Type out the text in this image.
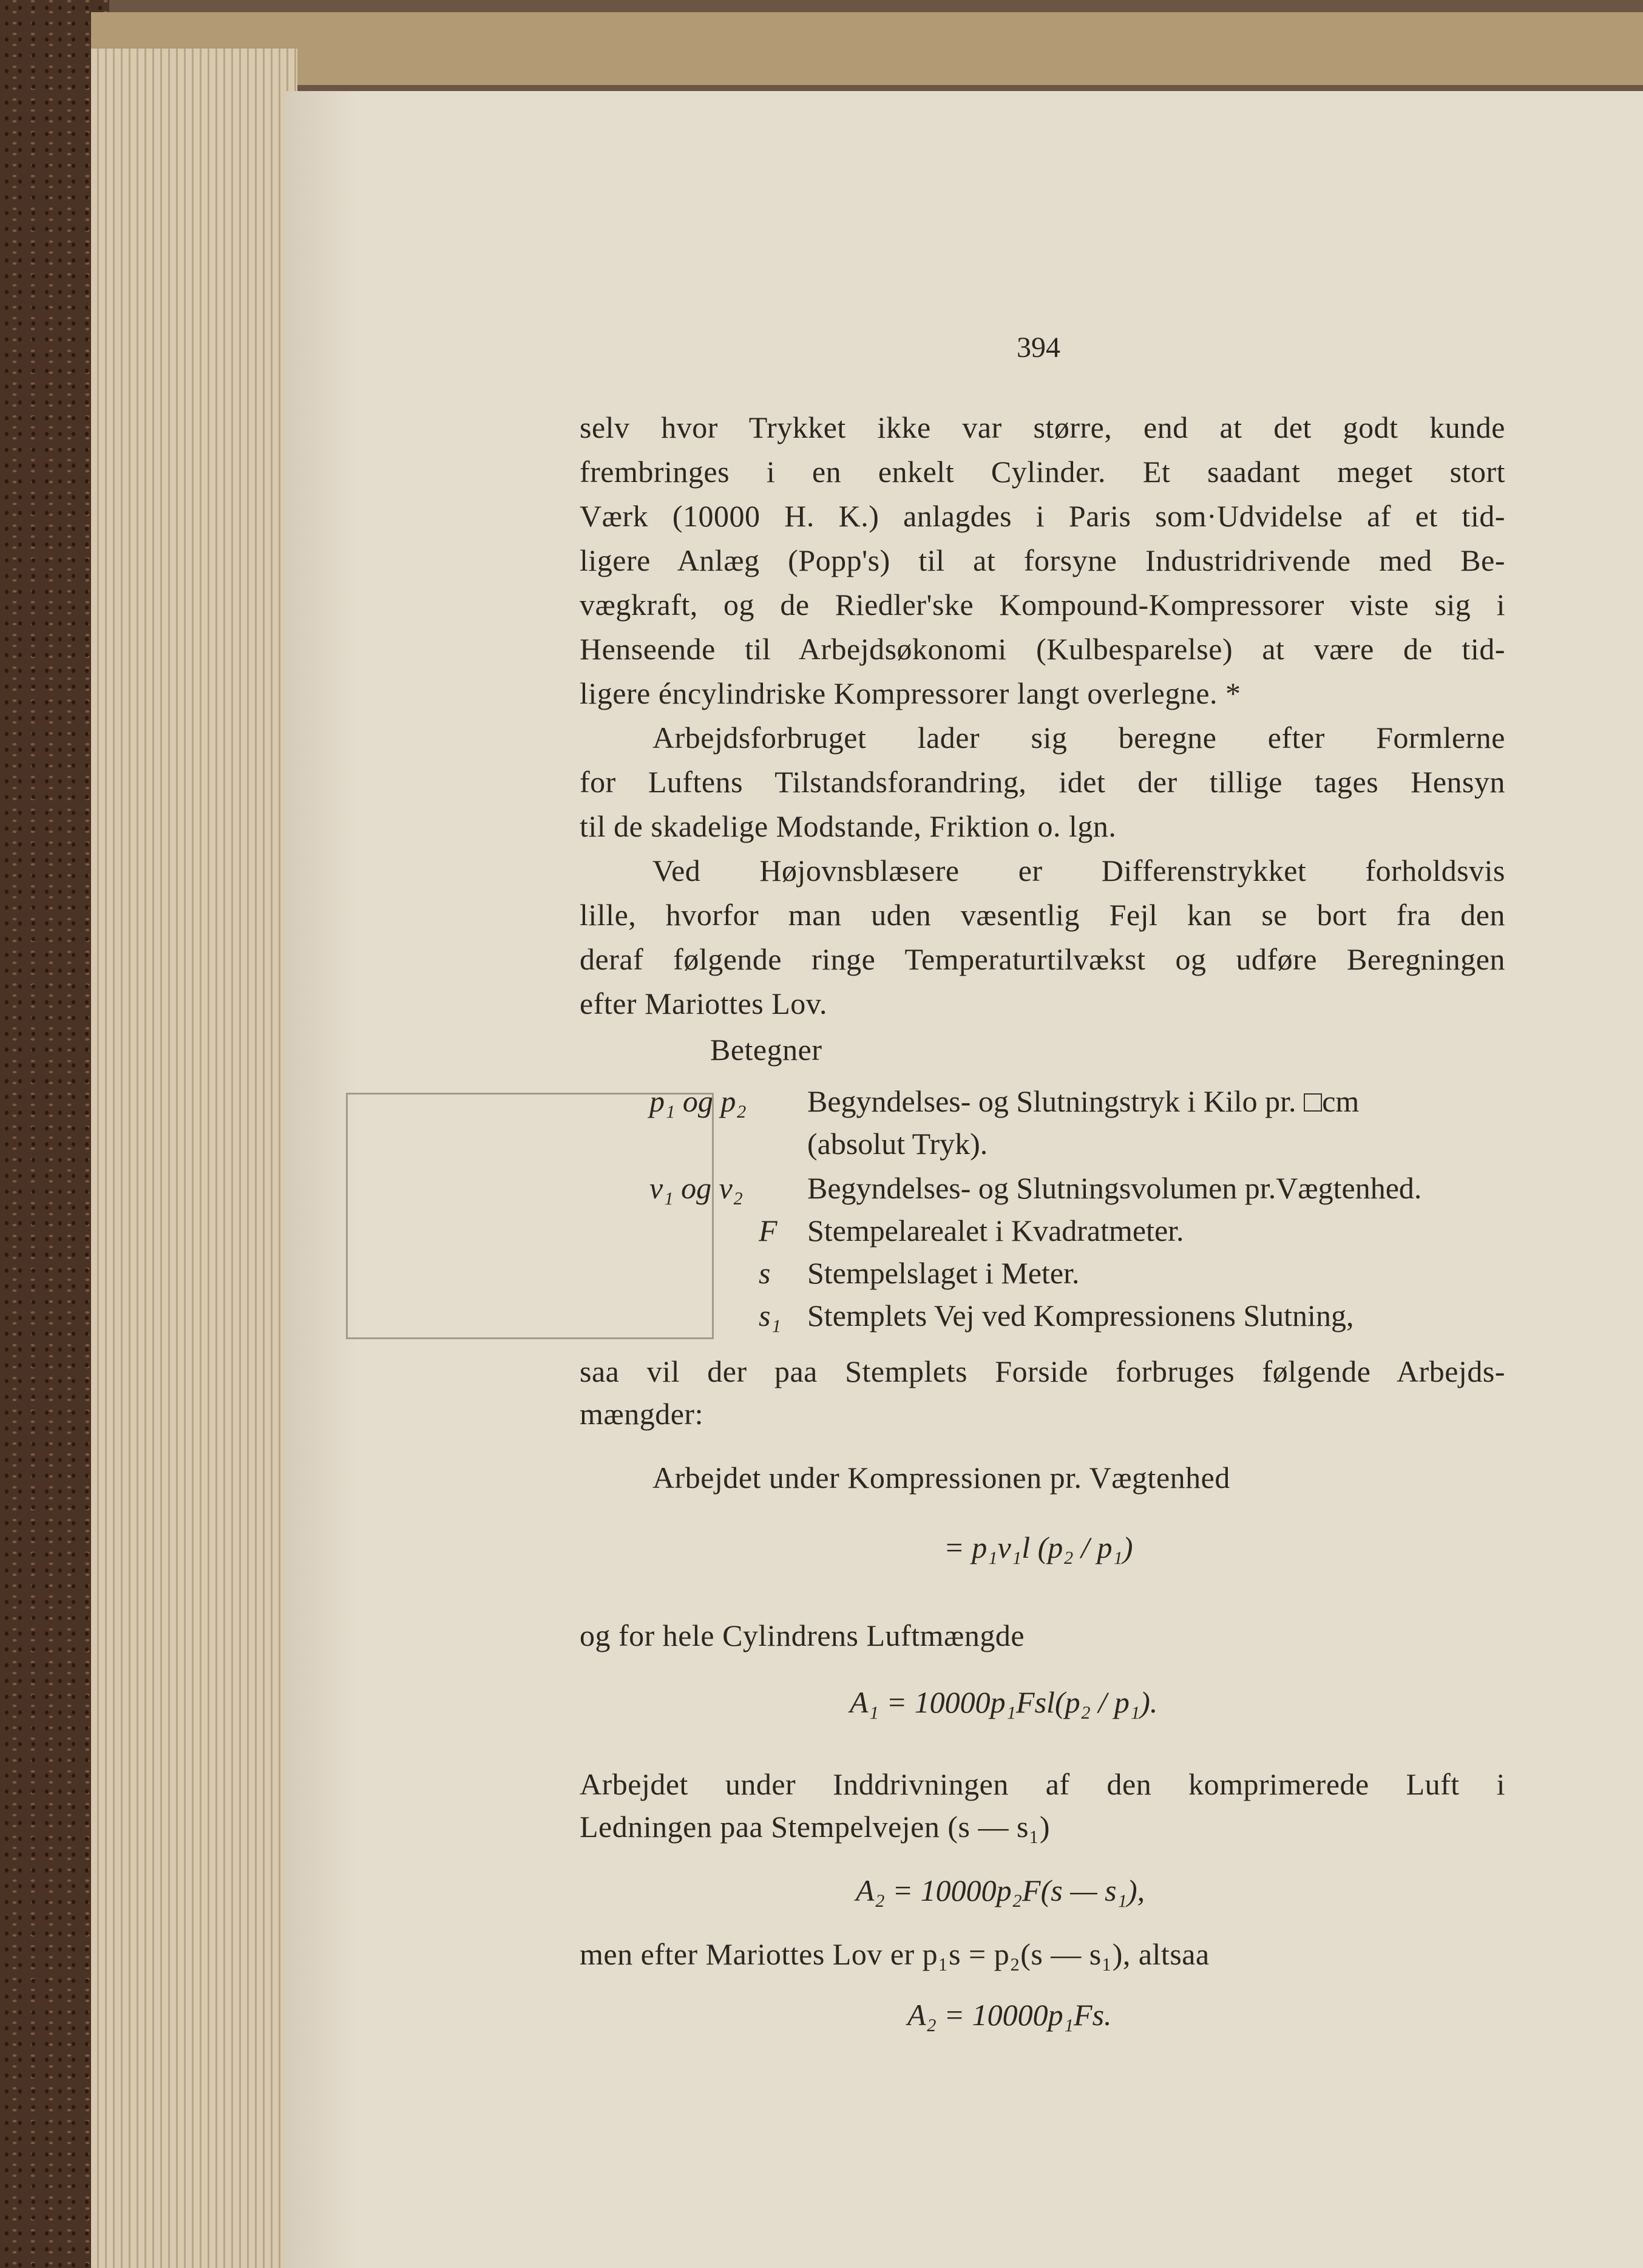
394
selv hvor Trykket ikke var større, end at det godt kunde
frembringes i en enkelt Cylinder. Et saadant meget stort
Værk (10000 H. K.) anlagdes i Paris som·Udvidelse af et tid-
ligere Anlæg (Popp's) til at forsyne Industridrivende med Be-
vægkraft, og de Riedler'ske Kompound-Kompressorer viste sig i
Henseende til Arbejdsøkonomi (Kulbesparelse) at være de tid-
ligere éncylindriske Kompressorer langt overlegne. *
Arbejdsforbruget lader sig beregne efter Formlerne
for Luftens Tilstandsforandring, idet der tillige tages Hensyn
til de skadelige Modstande, Friktion o. lgn.
Ved Højovnsblæsere er Differenstrykket forholdsvis
lille, hvorfor man uden væsentlig Fejl kan se bort fra den
deraf følgende ringe Temperaturtilvækst og udføre Beregningen
efter Mariottes Lov.
Betegner
p₁ og p₂ Begyndelses- og Slutningstryk i Kilo pr. □cm
(absolut Tryk).
v₁ og v₂ Begyndelses- og Slutningsvolumen pr.Vægtenhed.
F Stempelarealet i Kvadratmeter.
s Stempelslaget i Meter.
s₁ Stemplets Vej ved Kompressionens Slutning,
saa vil der paa Stemplets Forside forbruges følgende Arbejds-
mængder:
Arbejdet under Kompressionen pr. Vægtenhed
= p₁v₁l (p₂ / p₁)
og for hele Cylindrens Luftmængde
A₁ = 10000p₁Fsl(p₂ / p₁).
Arbejdet under Inddrivningen af den komprimerede Luft i
Ledningen paa Stempelvejen (s — s₁)
A₂ = 10000p₂F(s — s₁),
men efter Mariottes Lov er p₁s = p₂(s — s₁), altsaa
A₂ = 10000p₁Fs.
